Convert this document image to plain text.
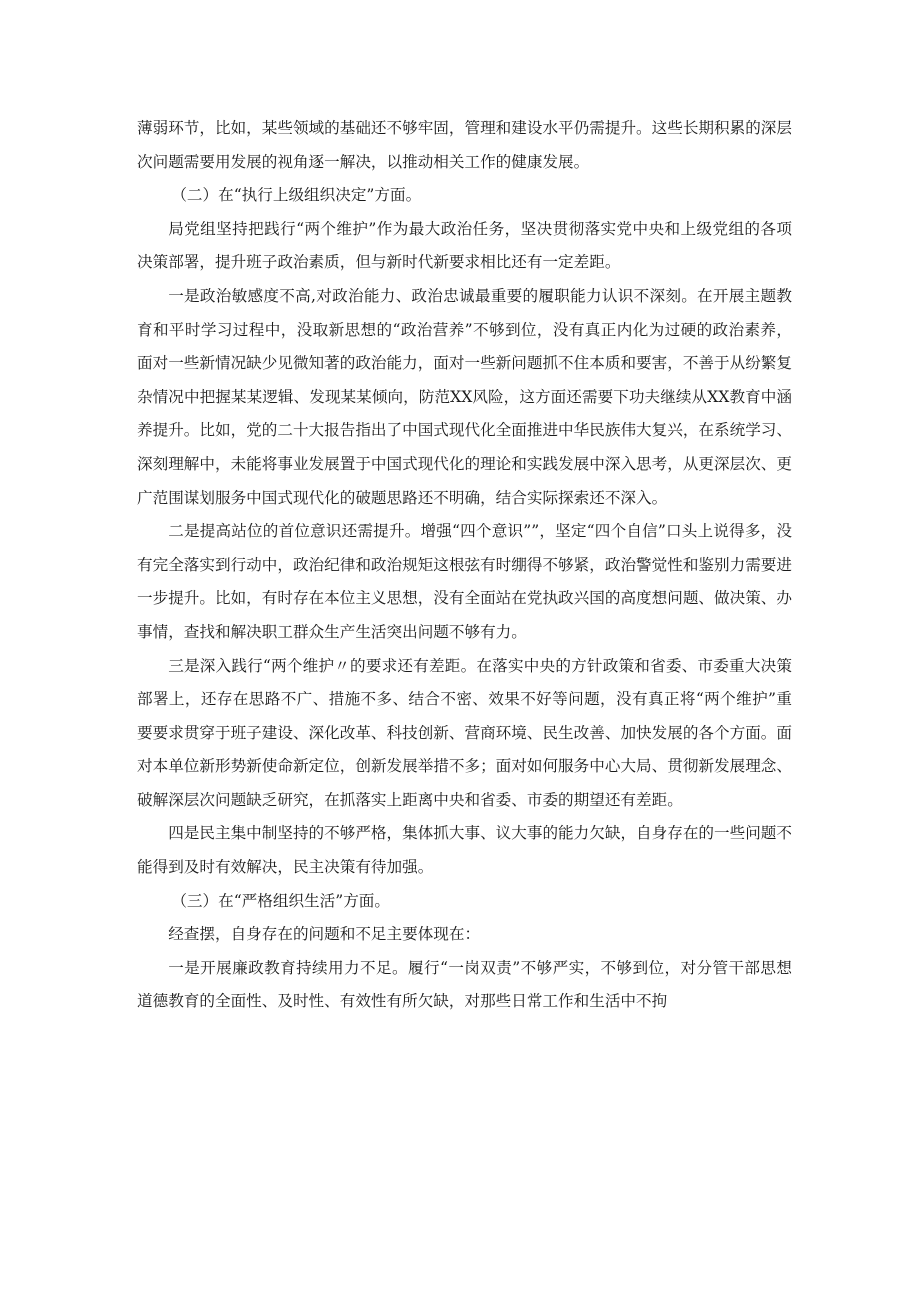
薄弱环节，比如，某些领域的基础还不够牢固，管理和建设水平仍需提升。这些长期积累的深层次问题需要用发展的视角逐一解决，以推动相关工作的健康发展。

（二）在“执行上级组织决定”方面。

局党组坚持把践行“两个维护”作为最大政治任务，坚决贯彻落实党中央和上级党组的各项决策部署，提升班子政治素质，但与新时代新要求相比还有一定差距。

一是政治敏感度不高,对政治能力、政治忠诚最重要的履职能力认识不深刻。在开展主题教育和平时学习过程中，没取新思想的“政治营养”不够到位，没有真正内化为过硬的政治素养，面对一些新情况缺少见微知著的政治能力，面对一些新问题抓不住本质和要害，不善于从纷繁复杂情况中把握某某逻辑、发现某某倾向，防范XX风险，这方面还需要下功夫继续从XX教育中涵养提升。比如，党的二十大报告指出了中国式现代化全面推进中华民族伟大复兴，在系统学习、深刻理解中，未能将事业发展置于中国式现代化的理论和实践发展中深入思考，从更深层次、更广范围谋划服务中国式现代化的破题思路还不明确，结合实际探索还不深入。

二是提高站位的首位意识还需提升。增强“四个意识””，坚定“四个自信”口头上说得多，没有完全落实到行动中，政治纪律和政治规矩这根弦有时绷得不够紧，政治警觉性和鉴别力需要进一步提升。比如，有时存在本位主义思想，没有全面站在党执政兴国的高度想问题、做决策、办事情，查找和解决职工群众生产生活突出问题不够有力。

三是深入践行“两个维护〃的要求还有差距。在落实中央的方针政策和省委、市委重大决策部署上，还存在思路不广、措施不多、结合不密、效果不好等问题，没有真正将“两个维护”重要要求贯穿于班子建设、深化改革、科技创新、营商环境、民生改善、加快发展的各个方面。面对本单位新形势新使命新定位，创新发展举措不多；面对如何服务中心大局、贯彻新发展理念、破解深层次问题缺乏研究，在抓落实上距离中央和省委、市委的期望还有差距。

四是民主集中制坚持的不够严格，集体抓大事、议大事的能力欠缺，自身存在的一些问题不能得到及时有效解决，民主决策有待加强。

（三）在“严格组织生活”方面。

经查摆，自身存在的问题和不足主要体现在：

一是开展廉政教育持续用力不足。履行“一岗双责”不够严实，不够到位，对分管干部思想道德教育的全面性、及时性、有效性有所欠缺，对那些日常工作和生活中不拘
